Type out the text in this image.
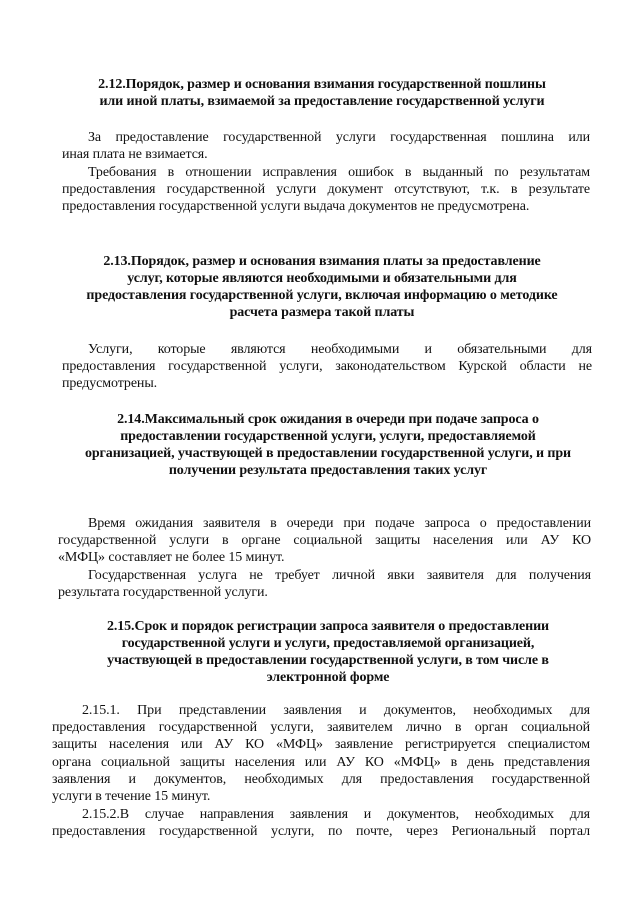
2.12.Порядок, размер и основания взимания государственной пошлины
или иной платы, взимаемой за предоставление государственной услуги
За предоставление государственной услуги государственная пошлина или
иная плата не взимается.
Требования в отношении исправления ошибок в выданный по результатам
предоставления государственной услуги документ отсутствуют, т.к. в результате
предоставления государственной услуги выдача документов не предусмотрена.
2.13.Порядок, размер и основания взимания платы за предоставление
услуг, которые являются необходимыми и обязательными для
предоставления государственной услуги, включая информацию о методике
расчета размера такой платы
Услуги, которые являются необходимыми и обязательными для
предоставления государственной услуги, законодательством Курской области не
предусмотрены.
2.14.Максимальный срок ожидания в очереди при подаче запроса о
предоставлении государственной услуги, услуги, предоставляемой
организацией, участвующей в предоставлении государственной услуги, и при
получении результата предоставления таких услуг
Время ожидания заявителя в очереди при подаче запроса о предоставлении
государственной услуги в органе социальной защиты населения или АУ КО
«МФЦ» составляет не более 15 минут.
Государственная услуга не требует личной явки заявителя для получения
результата государственной услуги.
2.15.Срок и порядок регистрации запроса заявителя о предоставлении
государственной услуги и услуги, предоставляемой организацией,
участвующей в предоставлении государственной услуги, в том числе в
электронной форме
2.15.1. При представлении заявления и документов, необходимых для
предоставления государственной услуги, заявителем лично в орган социальной
защиты населения или АУ КО «МФЦ» заявление регистрируется специалистом
органа социальной защиты населения или АУ КО «МФЦ» в день представления
заявления и документов, необходимых для предоставления государственной
услуги в течение 15 минут.
2.15.2.В случае направления заявления и документов, необходимых для
предоставления государственной услуги, по почте, через Региональный портал
